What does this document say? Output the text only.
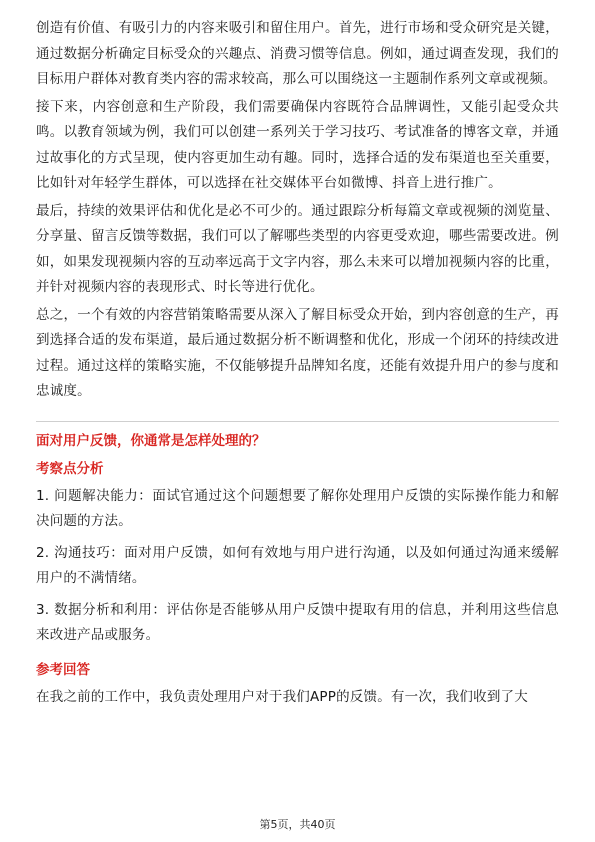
创造有价值、有吸引力的内容来吸引和留住用户。首先，进行市场和受众研究是关键，通过数据分析确定目标受众的兴趣点、消费习惯等信息。例如，通过调查发现，我们的目标用户群体对教育类内容的需求较高，那么可以围绕这一主题制作系列文章或视频。

接下来，内容创意和生产阶段，我们需要确保内容既符合品牌调性，又能引起受众共鸣。以教育领域为例，我们可以创建一系列关于学习技巧、考试准备的博客文章，并通过故事化的方式呈现，使内容更加生动有趣。同时，选择合适的发布渠道也至关重要，比如针对年轻学生群体，可以选择在社交媒体平台如微博、抖音上进行推广。

最后，持续的效果评估和优化是必不可少的。通过跟踪分析每篇文章或视频的浏览量、分享量、留言反馈等数据，我们可以了解哪些类型的内容更受欢迎，哪些需要改进。例如，如果发现视频内容的互动率远高于文字内容，那么未来可以增加视频内容的比重，并针对视频内容的表现形式、时长等进行优化。

总之，一个有效的内容营销策略需要从深入了解目标受众开始，到内容创意的生产，再到选择合适的发布渠道，最后通过数据分析不断调整和优化，形成一个闭环的持续改进过程。通过这样的策略实施，不仅能够提升品牌知名度，还能有效提升用户的参与度和忠诚度。

面对用户反馈，你通常是怎样处理的？
考察点分析

1. 问题解决能力：面试官通过这个问题想要了解你处理用户反馈的实际操作能力和解决问题的方法。

2. 沟通技巧：面对用户反馈，如何有效地与用户进行沟通，以及如何通过沟通来缓解用户的不满情绪。

3. 数据分析和利用：评估你是否能够从用户反馈中提取有用的信息，并利用这些信息来改进产品或服务。

参考回答

在我之前的工作中，我负责处理用户对于我们APP的反馈。有一次，我们收到了大

第5页，共40页
